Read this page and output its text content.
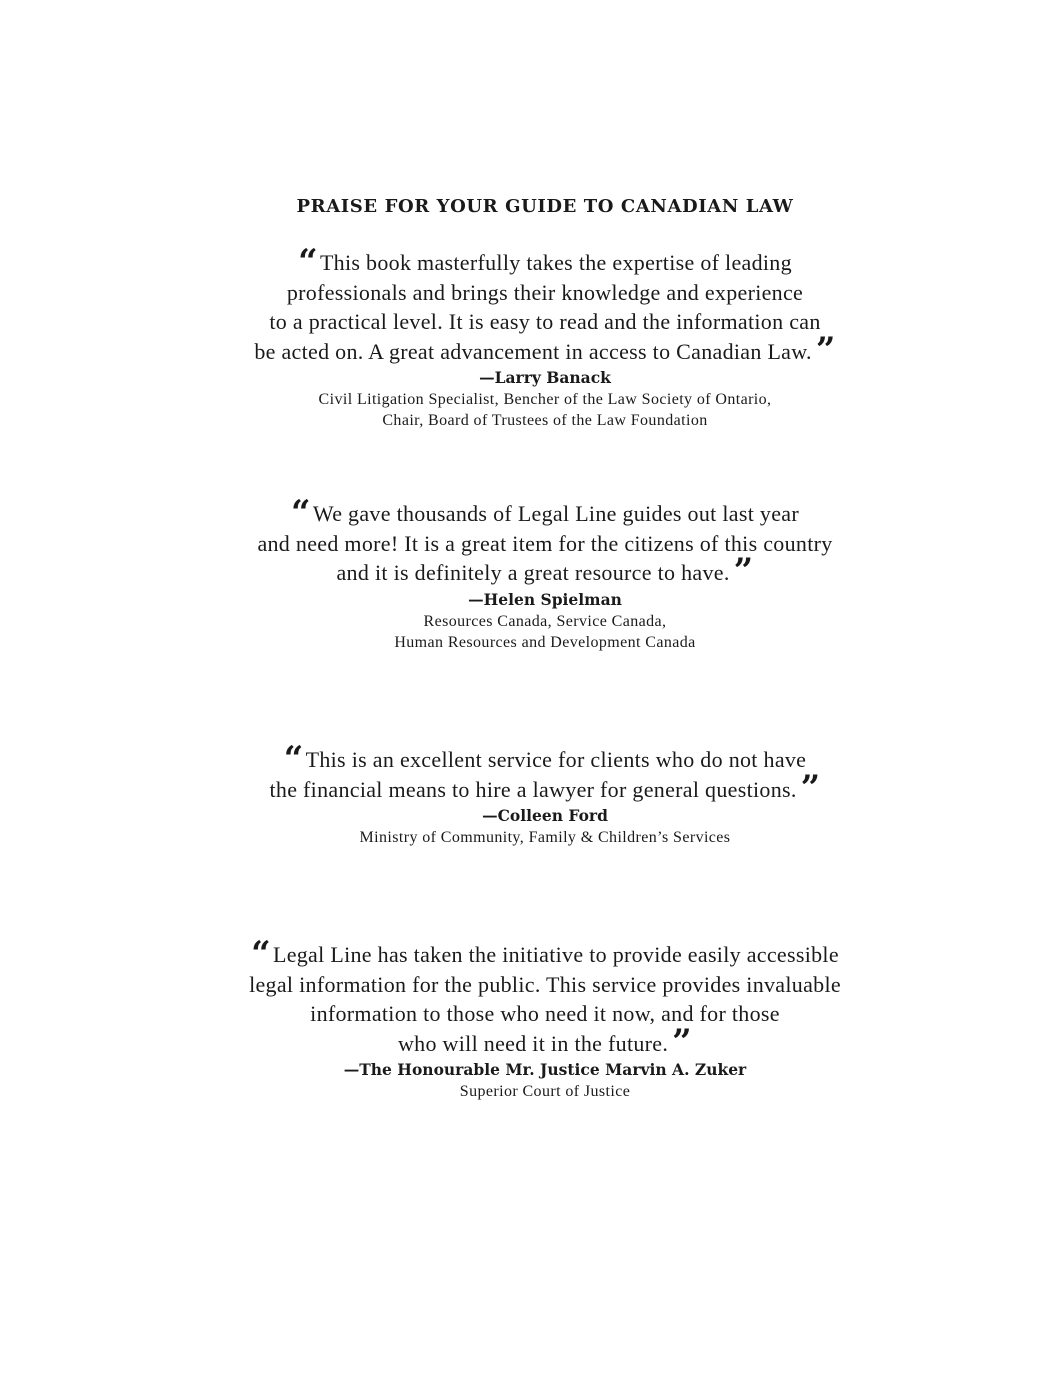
PRAISE FOR YOUR GUIDE TO CANADIAN LAW
“This book masterfully takes the expertise of leading
professionals and brings their knowledge and experience
to a practical level. It is easy to read and the information can
be acted on. A great advancement in access to Canadian Law. ”
—Larry Banack
Civil Litigation Specialist, Bencher of the Law Society of Ontario,
Chair, Board of Trustees of the Law Foundation
“We gave thousands of Legal Line guides out last year
and need more! It is a great item for the citizens of this country
and it is definitely a great resource to have. ”
—Helen Spielman
Resources Canada, Service Canada,
Human Resources and Development Canada
“This is an excellent service for clients who do not have
the financial means to hire a lawyer for general questions. ”
—Colleen Ford
Ministry of Community, Family & Children’s Services
“Legal Line has taken the initiative to provide easily accessible
legal information for the public. This service provides invaluable
information to those who need it now, and for those
who will need it in the future. ”
—The Honourable Mr. Justice Marvin A. Zuker
Superior Court of Justice
